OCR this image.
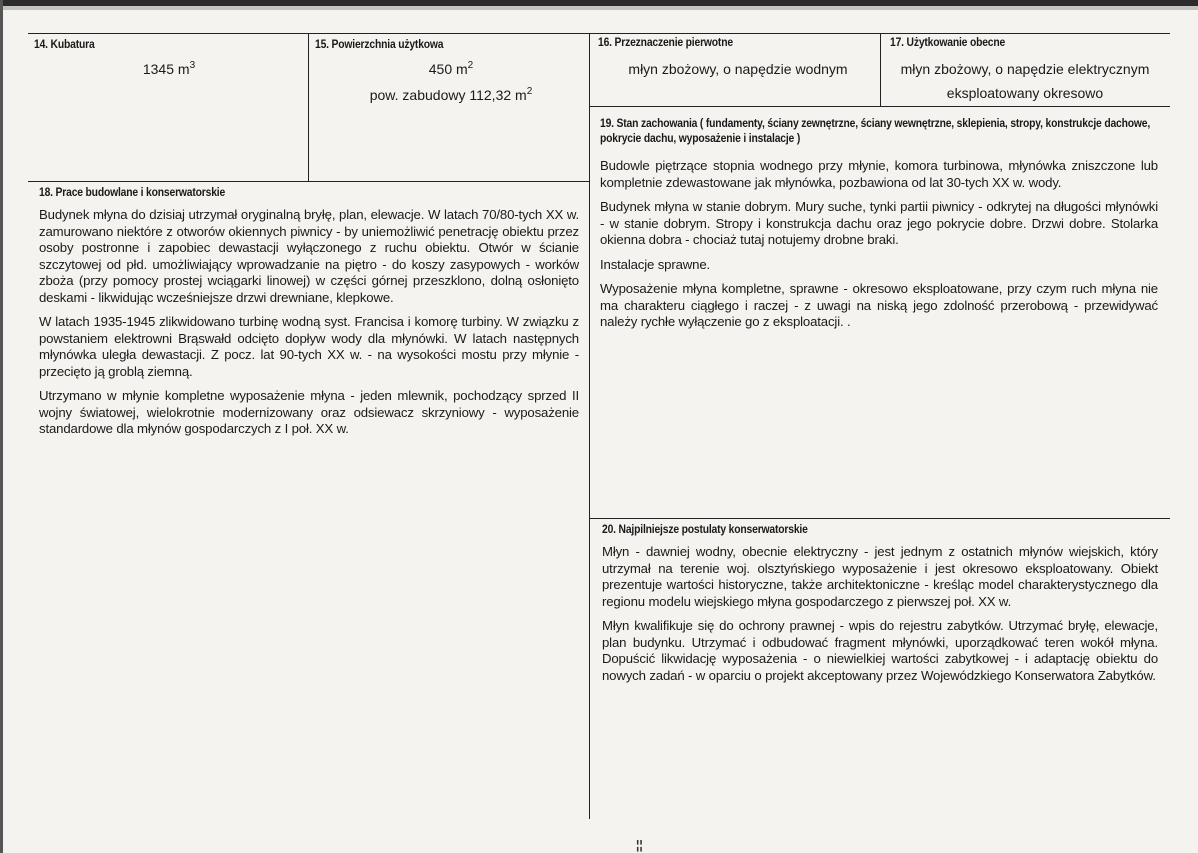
14. Kubatura
1345 $m^3$
15. Powierzchnia użytkowa
450 $m^2$
pow. zabudowy 112,32 $m^2$
16. Przeznaczenie pierwotne
młyn zbożowy, o napędzie wodnym
17. Użytkowanie obecne
młyn zbożowy, o napędzie elektrycznym
eksploatowany okresowo
19. Stan zachowania ( fundamenty, ściany zewnętrzne, ściany wewnętrzne, sklepienia, stropy, konstrukcje dachowe, pokrycie dachu, wyposażenie i instalacje )

Budowle piętrzące stopnia wodnego przy młynie, komora turbinowa, młynówka zniszczone lub kompletnie zdewastowane jak młynówka, pozbawiona od lat 30-tych XX w. wody.

Budynek młyna w stanie dobrym. Mury suche, tynki partii piwnicy - odkrytej na długości młynówki - w stanie dobrym. Stropy i konstrukcja dachu oraz jego pokrycie dobre. Drzwi dobre. Stolarka okienna dobra - chociaż tutaj notujemy drobne braki.

Instalacje sprawne.

Wyposażenie młyna kompletne, sprawne - okresowo eksploatowane, przy czym ruch młyna nie ma charakteru ciągłego i raczej - z uwagi na niską jego zdolność przerobową - przewidywać należy rychłe wyłączenie go z eksploatacji. .

18. Prace budowlane i konserwatorskie

Budynek młyna do dzisiaj utrzymał oryginalną bryłę, plan, elewacje. W latach 70/80-tych XX w. zamurowano niektóre z otworów okiennych piwnicy - by uniemożliwić penetrację obiektu przez osoby postronne i zapobiec dewastacji wyłączonego z ruchu obiektu. Otwór w ścianie szczytowej od płd. umożliwiający wprowadzanie na piętro - do koszy zasypowych - worków zboża (przy pomocy prostej wciągarki linowej) w części górnej przeszklono, dolną osłonięto deskami - likwidując wcześniejsze drzwi drewniane, klepkowe.

W latach 1935-1945 zlikwidowano turbinę wodną syst. Francisa i komorę turbiny. W związku z powstaniem elektrowni Brąswałd odcięto dopływ wody dla młynówki. W latach następnych młynówka uległa dewastacji. Z pocz. lat 90-tych XX w. - na wysokości mostu przy młynie - przecięto ją groblą ziemną.

Utrzymano w młynie kompletne wyposażenie młyna - jeden mlewnik, pochodzący sprzed II wojny światowej, wielokrotnie modernizowany oraz odsiewacz skrzyniowy - wyposażenie standardowe dla młynów gospodarczych z I poł. XX w.

20. Najpilniejsze postulaty konserwatorskie

Młyn - dawniej wodny, obecnie elektryczny - jest jednym z ostatnich młynów wiejskich, który utrzymał na terenie woj. olsztyńskiego wyposażenie i jest okresowo eksploatowany. Obiekt prezentuje wartości historyczne, także architektoniczne - kreśląc model charakterystycznego dla regionu modelu wiejskiego młyna gospodarczego z pierwszej poł. XX w.

Młyn kwalifikuje się do ochrony prawnej - wpis do rejestru zabytków. Utrzymać bryłę, elewacje, plan budynku. Utrzymać i odbudować fragment młynówki, uporządkować teren wokół młyna. Dopuścić likwidację wyposażenia - o niewielkiej wartości zabytkowej - i adaptację obiektu do nowych zadań - w oparciu o projekt akceptowany przez Wojewódzkiego Konserwatora Zabytków.

¦¦
